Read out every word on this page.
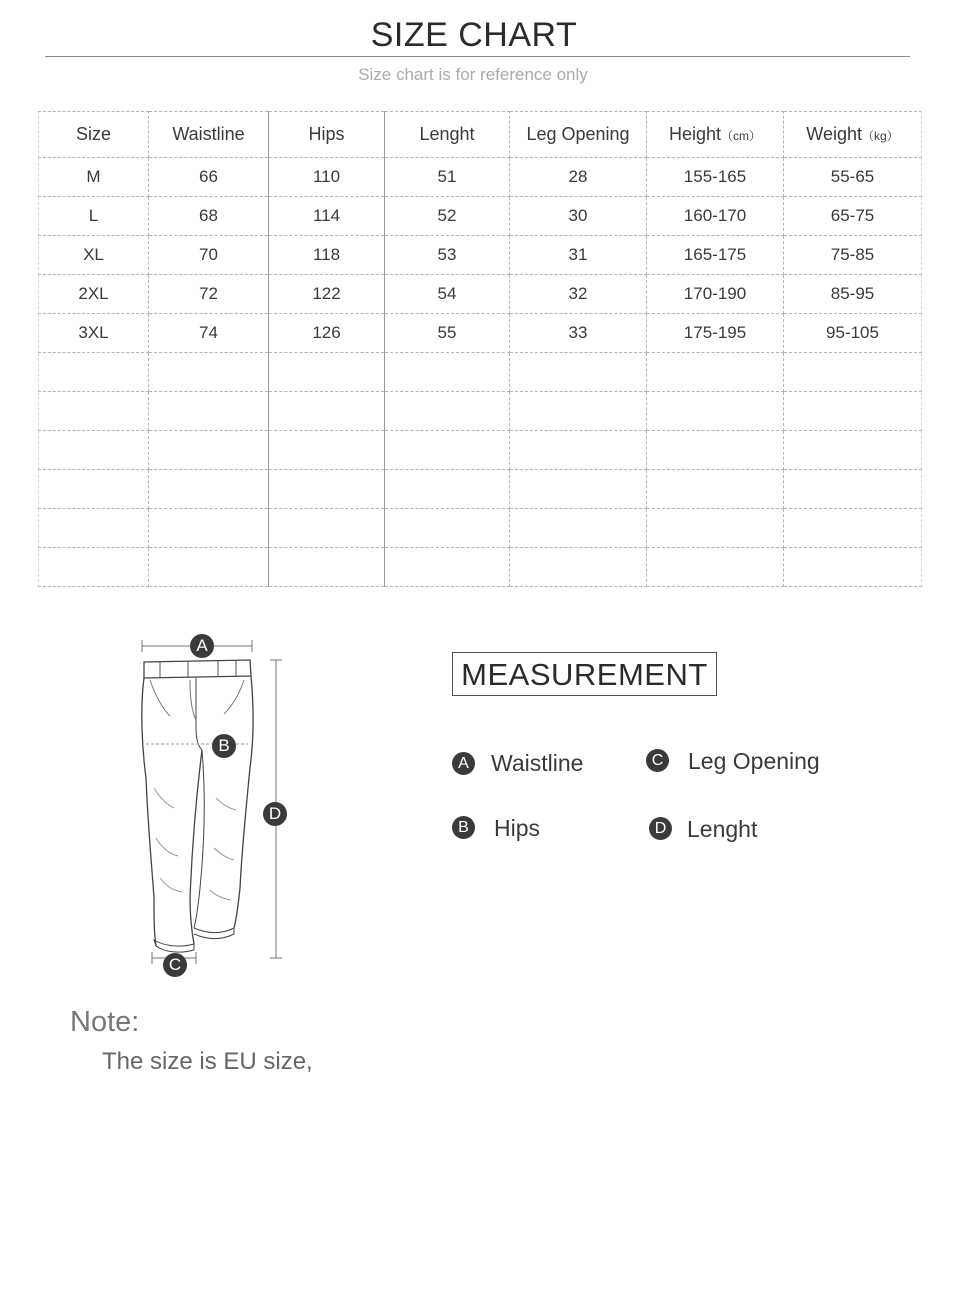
SIZE CHART
Size chart is for reference only
Size	Waistline	Hips	Lenght	Leg Opening	Height（cm）	Weight（kg）
M	66	110	51	28	155-165	55-65
L	68	114	52	30	160-170	65-75
XL	70	118	53	31	165-175	75-85
2XL	72	122	54	32	170-190	85-95
3XL	74	126	55	33	175-195	95-105

A
B
D
C
MEASUREMENT
A Waistline	C Leg Opening
B Hips	D Lenght
Note:
The size is EU size,
